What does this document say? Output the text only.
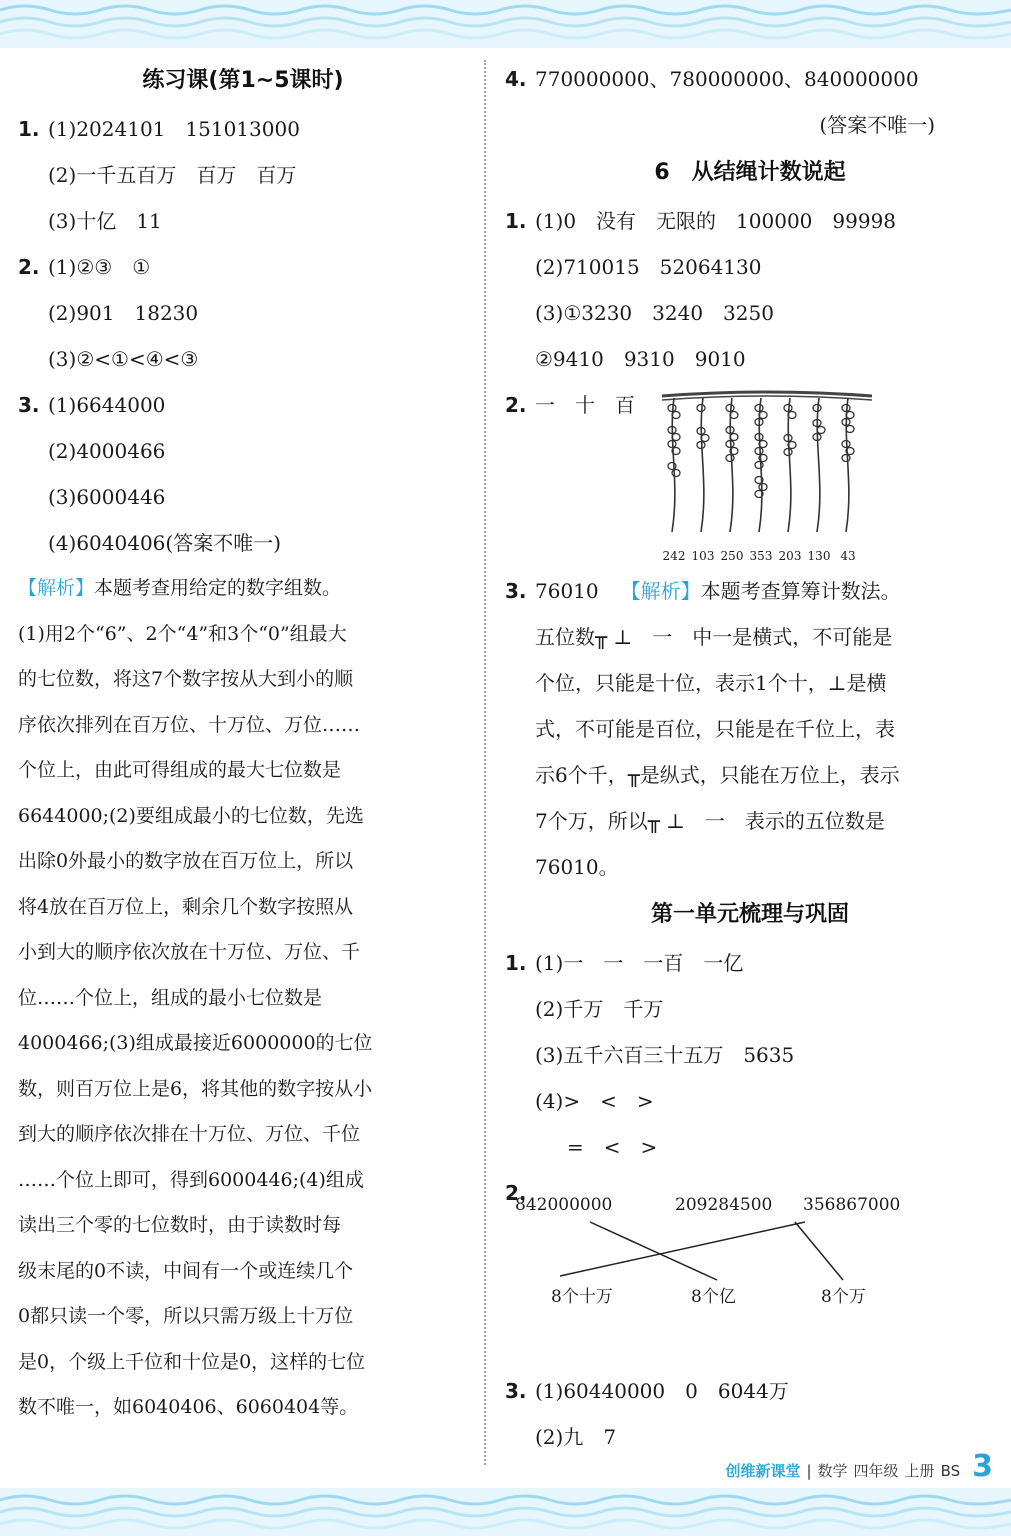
练习课(第1~5课时)
1. (1)2024101　151013000
(2)一千五百万　百万　百万
(3)十亿　11
2. (1)②③　①
(2)901　18230
(3)②<①<④<③
3. (1)6644000
(2)4000466
(3)6000446
(4)6040406(答案不唯一)
【解析】本题考查用给定的数字组数。
(1)用2个“6”、2个“4”和3个“0”组最大
的七位数，将这7个数字按从大到小的顺
序依次排列在百万位、十万位、万位……
个位上，由此可得组成的最大七位数是
6644000;(2)要组成最小的七位数，先选
出除0外最小的数字放在百万位上，所以
将4放在百万位上，剩余几个数字按照从
小到大的顺序依次放在十万位、万位、千
位……个位上，组成的最小七位数是
4000466;(3)组成最接近6000000的七位
数，则百万位上是6，将其他的数字按从小
到大的顺序依次排在十万位、万位、千位
……个位上即可，得到6000446;(4)组成
读出三个零的七位数时，由于读数时每
级末尾的0不读，中间有一个或连续几个
0都只读一个零，所以只需万级上十万位
是0，个级上千位和十位是0，这样的七位
数不唯一，如6040406、6060404等。
4. 770000000、780000000、840000000
(答案不唯一)
6　从结绳计数说起
1. (1)0　没有　无限的　100000　99998
(2)710015　52064130
(3)①3230　3240　3250
②9410　9310　9010
2. 一　十　百
242 103 250 353 203 130 43
3. 76010 【解析】本题考查算筹计数法。
五位数╥ ⊥　一　中一是横式，不可能是
个位，只能是十位，表示1个十，⊥是横
式，不可能是百位，只能是在千位上，表
示6个千，╥是纵式，只能在万位上，表示
7个万，所以╥ ⊥　一　表示的五位数是
76010。
第一单元梳理与巩固
1. (1)一　一　一百　一亿
(2)千万　千万
(3)五千六百三十五万　5635
(4)>　<　>
=　<　>
2.
842000000	209284500 356867000
8个十万	8个亿	8个万
3. (1)60440000　0　6044万
(2)九　7
创维新课堂 | 数学 四年级 上册 BS 3
